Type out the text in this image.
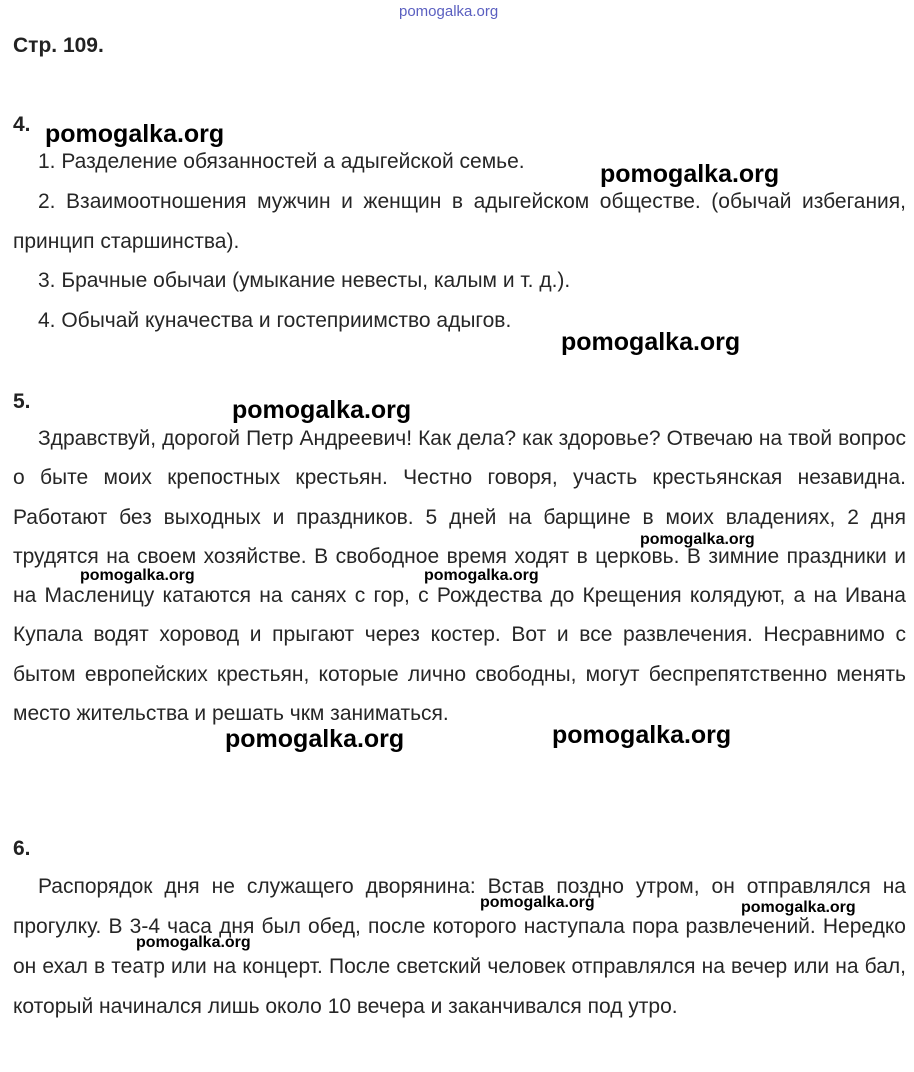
pomogalka.org
Стр. 109.
4.
1. Разделение обязанностей а адыгейской семье.
2. Взаимоотношения мужчин и женщин в адыгейском обществе. (обычай избегания, принцип старшинства).
3. Брачные обычаи (умыкание невесты, калым и т. д.).
4. Обычай куначества и гостеприимство адыгов.
5.
Здравствуй, дорогой Петр Андреевич! Как дела? как здоровье? Отвечаю на твой вопрос о быте моих крепостных крестьян. Честно говоря, участь крестьянская незавидна. Работают без выходных и праздников. 5 дней на барщине в моих владениях, 2 дня трудятся на своем хозяйстве. В свободное время ходят в церковь. В зимние праздники и на Масленицу катаются на санях с гор, с Рождества до Крещения колядуют, а на Ивана Купала водят хоровод и прыгают через костер. Вот и все развлечения. Несравнимо с бытом европейских крестьян, которые лично свободны, могут беспрепятственно менять место жительства и решать чкм заниматься.
6.
Распорядок дня не служащего дворянина: Встав поздно утром, он отправлялся на прогулку. В 3-4 часа дня был обед, после которого наступала пора развлечений. Нередко он ехал в театр или на концерт. После светский человек отправлялся на вечер или на бал, который начинался лишь около 10 вечера и заканчивался под утро.
pomogalka.org
pomogalka.org
pomogalka.org
pomogalka.org
pomogalka.org
pomogalka.org	pomogalka.org
pomogalka.org	pomogalka.org
pomogalka.org	pomogalka.org
pomogalka.org
